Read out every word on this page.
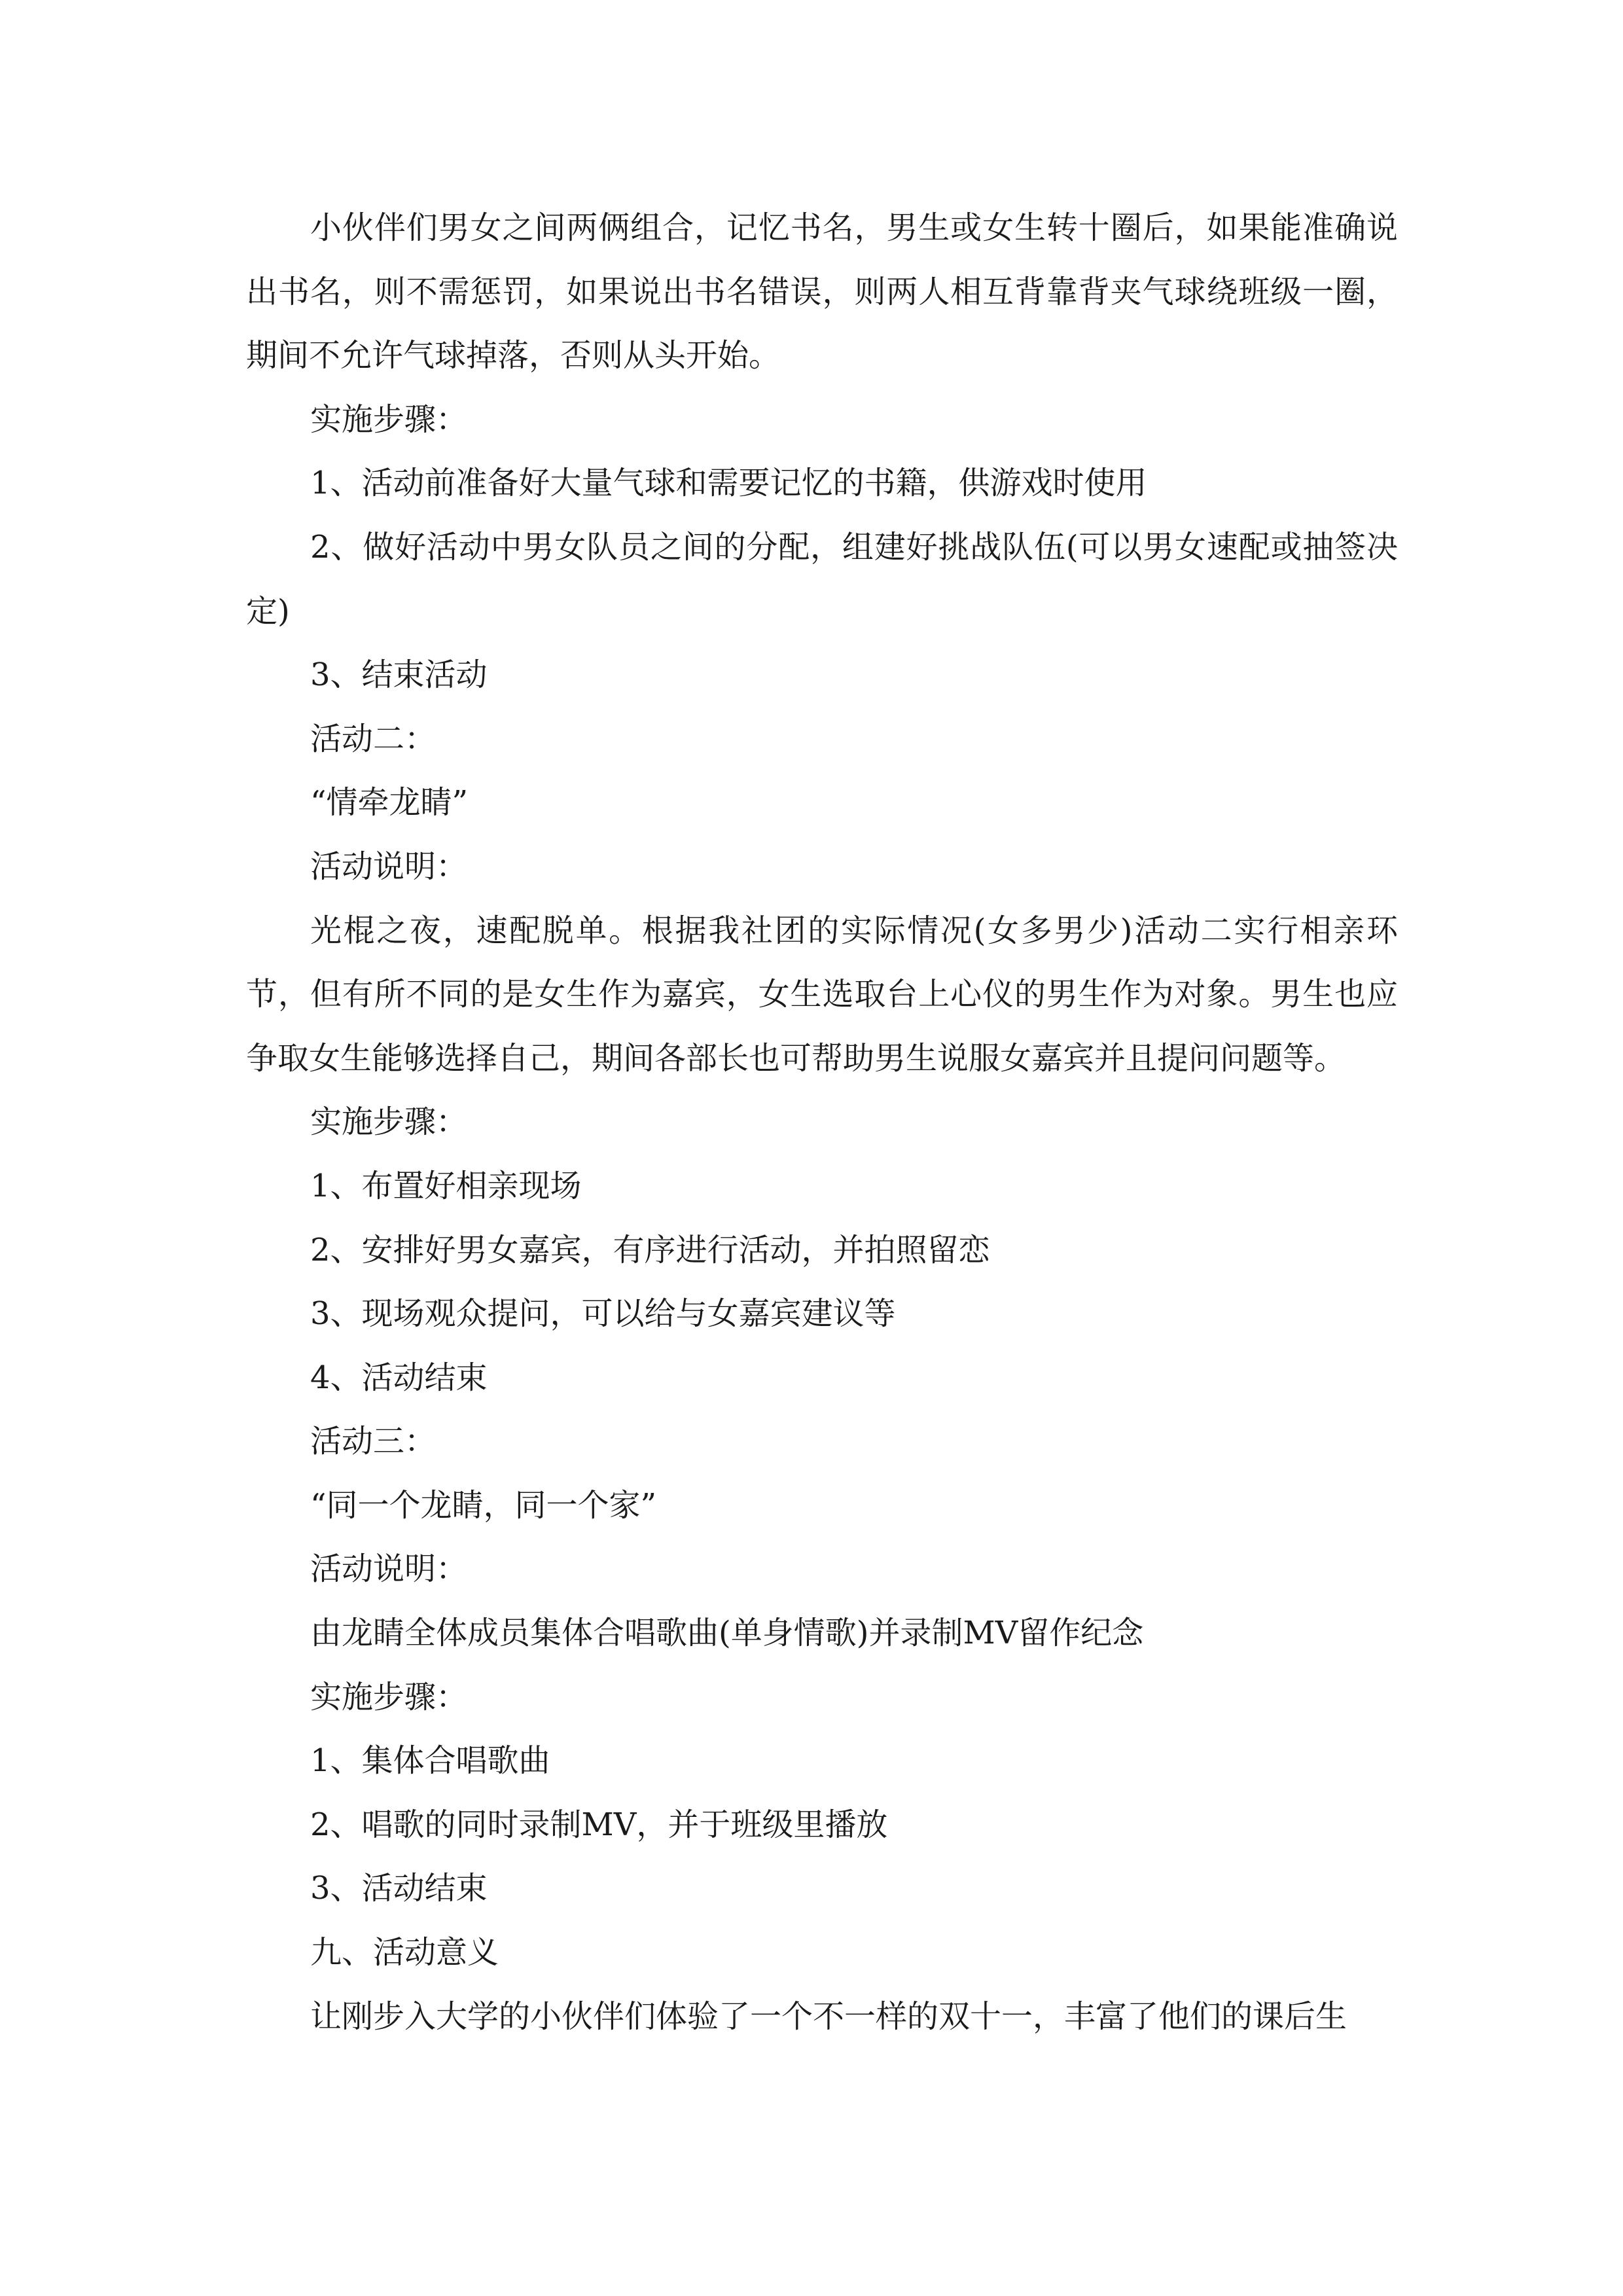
小伙伴们男女之间两俩组合，记忆书名，男生或女生转十圈后，如果能准确说出书名，则不需惩罚，如果说出书名错误，则两人相互背靠背夹气球绕班级一圈，期间不允许气球掉落，否则从头开始。

实施步骤：

1、活动前准备好大量气球和需要记忆的书籍，供游戏时使用

2、做好活动中男女队员之间的分配，组建好挑战队伍(可以男女速配或抽签决定)

3、结束活动

活动二：

“情牵龙睛”

活动说明：

光棍之夜，速配脱单。根据我社团的实际情况(女多男少)活动二实行相亲环节，但有所不同的是女生作为嘉宾，女生选取台上心仪的男生作为对象。男生也应争取女生能够选择自己，期间各部长也可帮助男生说服女嘉宾并且提问问题等。

实施步骤：

1、布置好相亲现场

2、安排好男女嘉宾，有序进行活动，并拍照留恋

3、现场观众提问，可以给与女嘉宾建议等

4、活动结束

活动三：

“同一个龙睛，同一个家”

活动说明：

由龙睛全体成员集体合唱歌曲(单身情歌)并录制MV留作纪念

实施步骤：

1、集体合唱歌曲

2、唱歌的同时录制MV，并于班级里播放

3、活动结束

九、活动意义

让刚步入大学的小伙伴们体验了一个不一样的双十一，丰富了他们的课后生
